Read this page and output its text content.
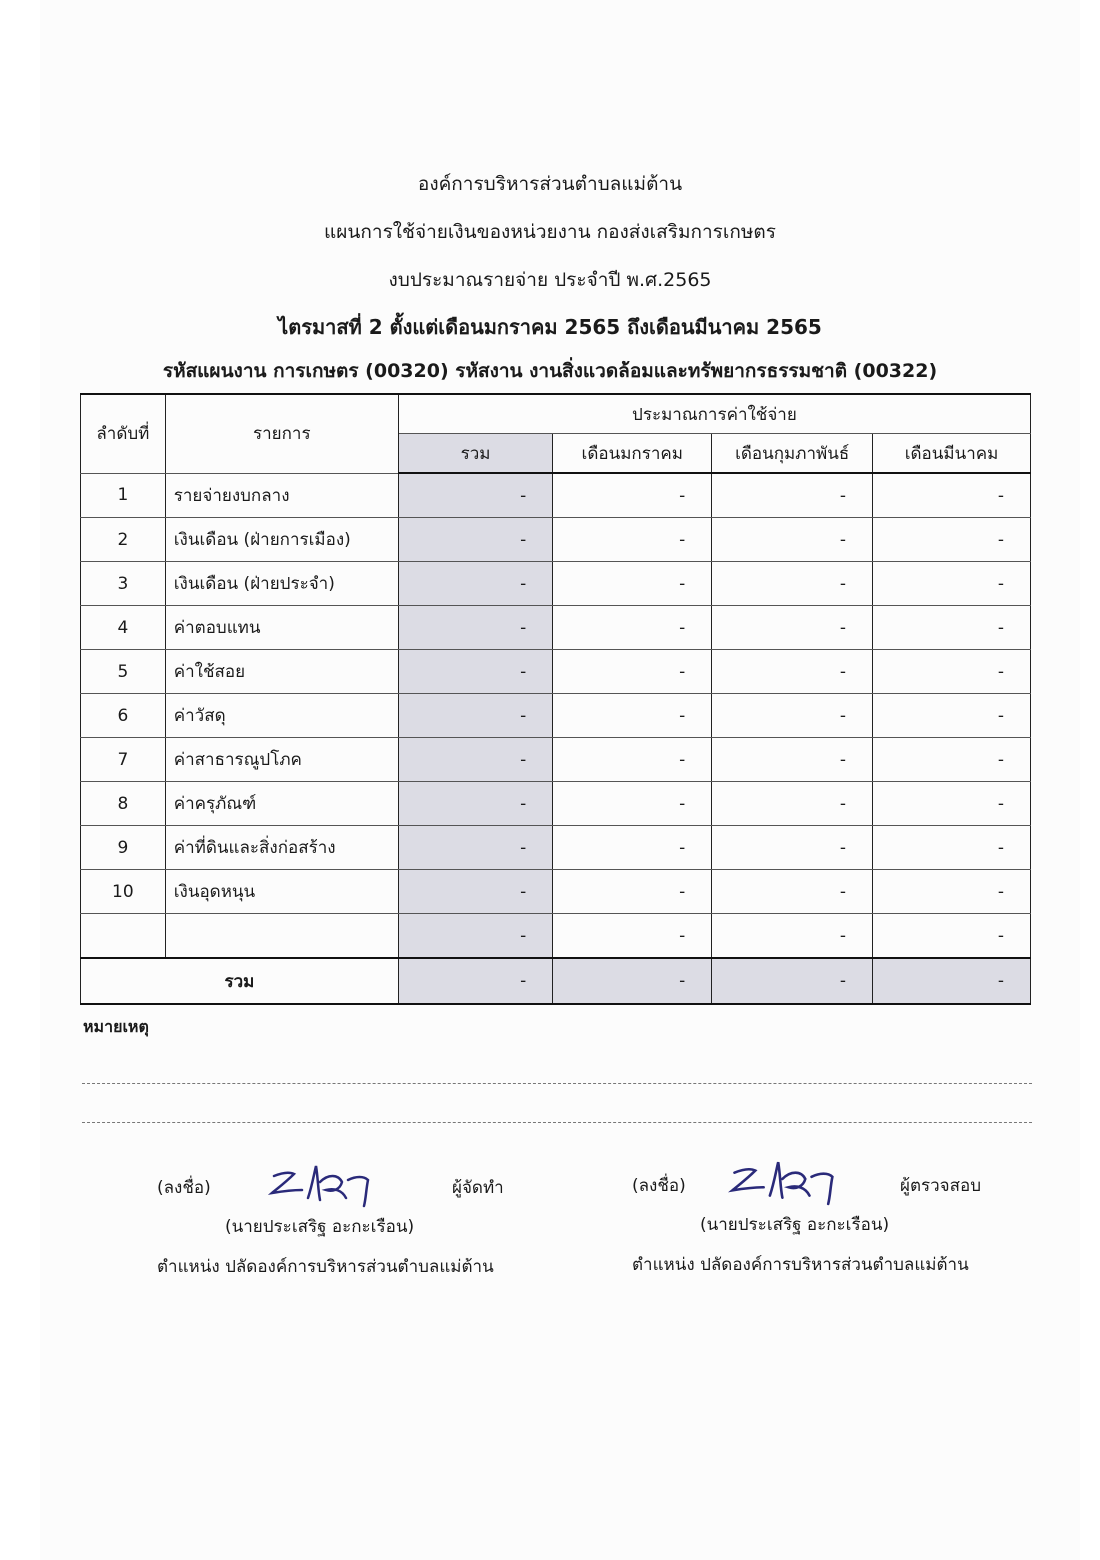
องค์การบริหารส่วนตำบลแม่ต้าน
แผนการใช้จ่ายเงินของหน่วยงาน กองส่งเสริมการเกษตร
งบประมาณรายจ่าย ประจำปี พ.ศ.2565
ไตรมาสที่ 2 ตั้งแต่เดือนมกราคม 2565 ถึงเดือนมีนาคม 2565
รหัสแผนงาน การเกษตร (00320) รหัสงาน งานสิ่งแวดล้อมและทรัพยากรธรรมชาติ (00322)
ลำดับที่	รายการ	ประมาณการค่าใช้จ่าย			
		รวม	เดือนมกราคม	เดือนกุมภาพันธ์	เดือนมีนาคม
1	รายจ่ายงบกลาง	-	-	-	-
2	เงินเดือน (ฝ่ายการเมือง)	-	-	-	-
3	เงินเดือน (ฝ่ายประจำ)	-	-	-	-
4	ค่าตอบแทน	-	-	-	-
5	ค่าใช้สอย	-	-	-	-
6	ค่าวัสดุ	-	-	-	-
7	ค่าสาธารณูปโภค	-	-	-	-
8	ค่าครุภัณฑ์	-	-	-	-
9	ค่าที่ดินและสิ่งก่อสร้าง	-	-	-	-
10	เงินอุดหนุน	-	-	-	-
		-	-	-	-
รวม		-	-	-	-
หมายเหตุ
(ลงชื่อ)	ผู้จัดทำ
(นายประเสริฐ อะกะเรือน)
ตำแหน่ง ปลัดองค์การบริหารส่วนตำบลแม่ต้าน
(ลงชื่อ)	ผู้ตรวจสอบ
(นายประเสริฐ อะกะเรือน)
ตำแหน่ง ปลัดองค์การบริหารส่วนตำบลแม่ต้าน
